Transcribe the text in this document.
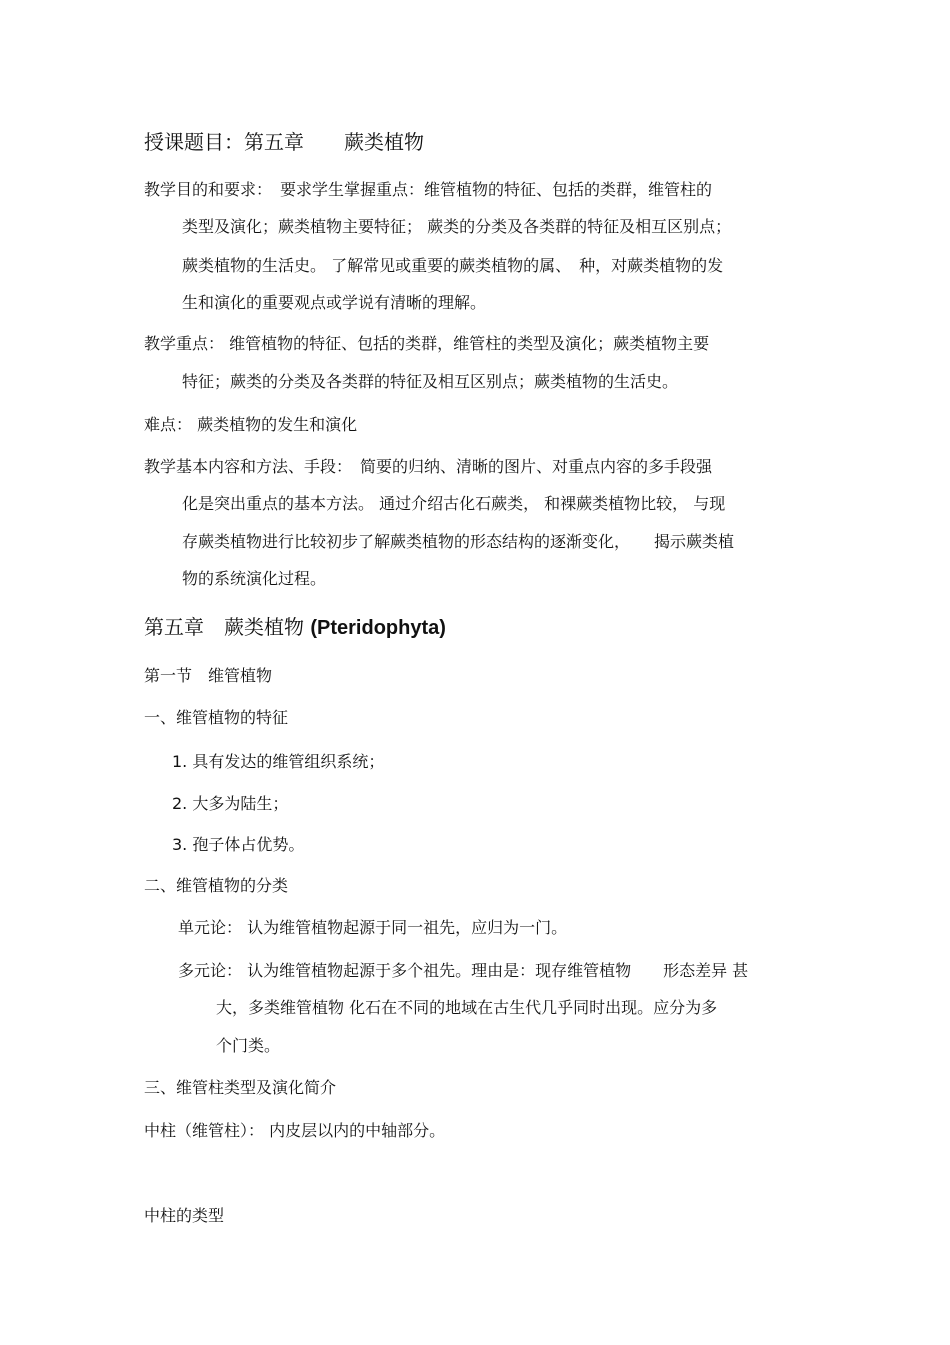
授课题目：第五章　　蕨类植物
教学目的和要求：　要求学生掌握重点：维管植物的特征、包括的类群，维管柱的
类型及演化；蕨类植物主要特征； 蕨类的分类及各类群的特征及相互区别点；
蕨类植物的生活史。 了解常见或重要的蕨类植物的属、　种，对蕨类植物的发
生和演化的重要观点或学说有清晰的理解。
教学重点： 维管植物的特征、包括的类群，维管柱的类型及演化；蕨类植物主要
特征；蕨类的分类及各类群的特征及相互区别点；蕨类植物的生活史。
难点： 蕨类植物的发生和演化
教学基本内容和方法、手段：　简要的归纳、清晰的图片、对重点内容的多手段强
化是突出重点的基本方法。 通过介绍古化石蕨类， 和裸蕨类植物比较， 与现
存蕨类植物进行比较初步了解蕨类植物的形态结构的逐渐变化，　　揭示蕨类植
物的系统演化过程。
第五章　蕨类植物 (Pteridophyta)
第一节　维管植物
一、维管植物的特征
1. 具有发达的维管组织系统；
2. 大多为陆生；
3. 孢子体占优势。
二、维管植物的分类
单元论： 认为维管植物起源于同一祖先，应归为一门。
多元论： 认为维管植物起源于多个祖先。理由是：现存维管植物　　形态差异 甚
大，多类维管植物 化石在不同的地域在古生代几乎同时出现。应分为多
个门类。
三、维管柱类型及演化简介
中柱（维管柱）： 内皮层以内的中轴部分。
中柱的类型
